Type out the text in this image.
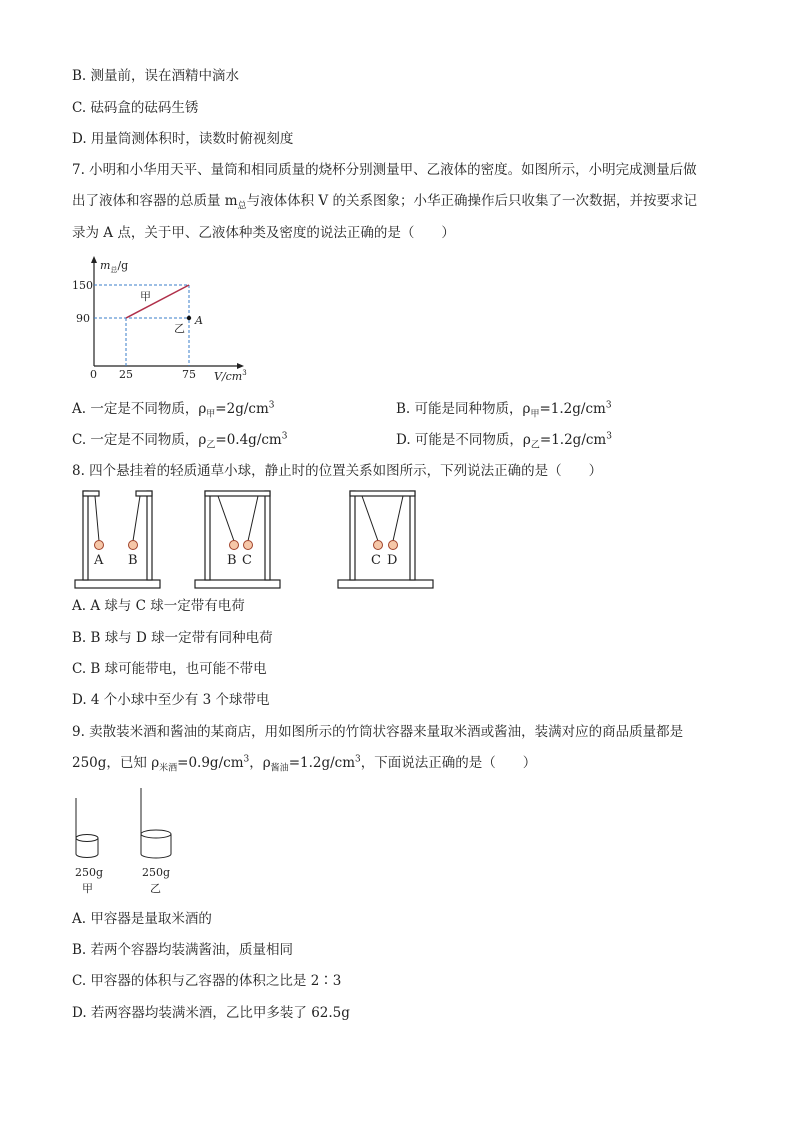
B. 测量前，误在酒精中滴水
C. 砝码盒的砝码生锈
D. 用量筒测体积时，读数时俯视刻度
7. 小明和小华用天平、量筒和相同质量的烧杯分别测量甲、乙液体的密度。如图所示，小明完成测量后做
出了液体和容器的总质量 $m_总$与液体体积 V 的关系图象；小华正确操作后只收集了一次数据，并按要求记
录为 A 点，关于甲、乙液体种类及密度的说法正确的是（　　）
$m_总/g$
150
90
0 25	75 $V/cm^3$
甲
乙
A
A. 一定是不同物质，$\rho_甲=2g/cm^3$	B. 可能是同种物质，$\rho_甲=1.2g/cm^3$
C. 一定是不同物质，$\rho_乙=0.4g/cm^3$	D. 可能是不同物质，$\rho_乙=1.2g/cm^3$
8. 四个悬挂着的轻质通草小球，静止时的位置关系如图所示，下列说法正确的是（　　）
A B	B C	C D
A. A 球与 C 球一定带有电荷
B. B 球与 D 球一定带有同种电荷
C. B 球可能带电，也可能不带电
D. 4 个小球中至少有 3 个球带电
9. 卖散装米酒和酱油的某商店，用如图所示的竹筒状容器来量取米酒或酱油，装满对应的商品质量都是
250g，已知 $\rho_{米酒}=0.9g/cm^3$，$\rho_{酱油}=1.2g/cm^3$，下面说法正确的是（　　）
250g
甲
250g
乙
A. 甲容器是量取米酒的
B. 若两个容器均装满酱油，质量相同
C. 甲容器的体积与乙容器的体积之比是 2∶3
D. 若两容器均装满米酒，乙比甲多装了 62.5g
